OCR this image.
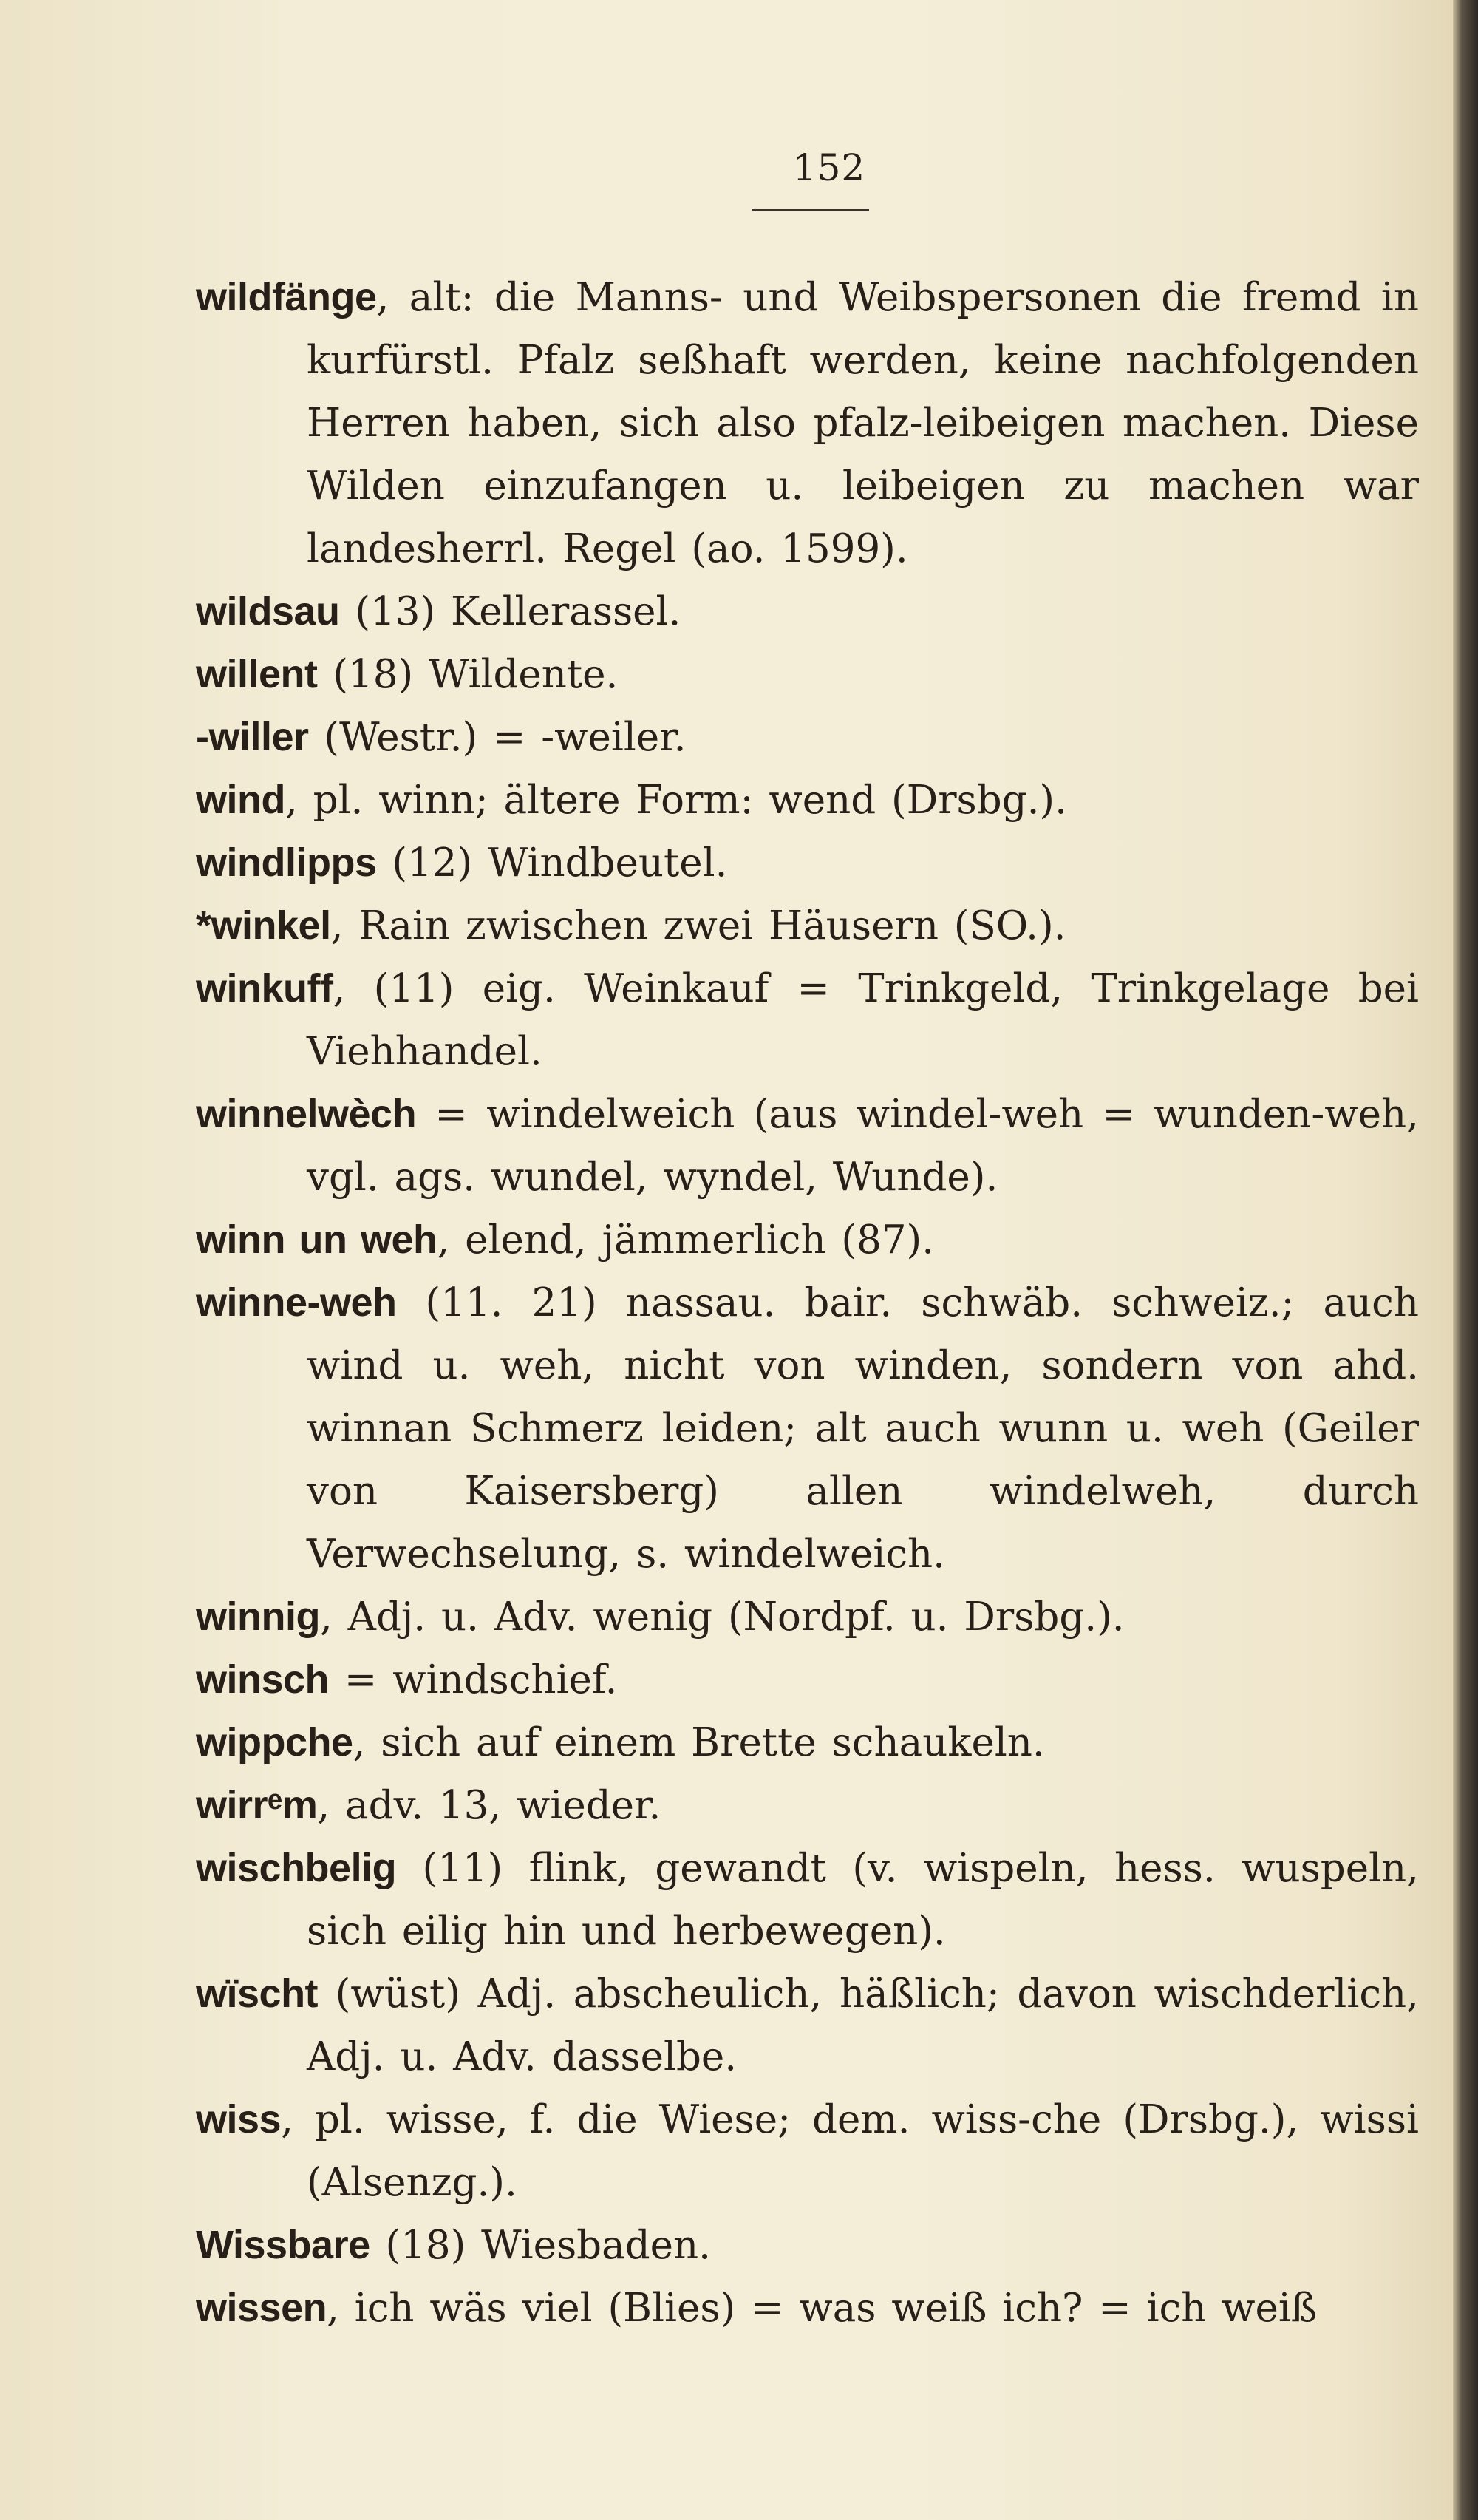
152
wildfänge, alt: die Manns- und Weibspersonen die fremd in kurfürstl. Pfalz seßhaft werden, keine nachfolgenden Herren haben, sich also pfalz-leibeigen machen. Diese Wilden einzufangen u. leibeigen zu machen war landesherrl. Regel (ao. 1599).
wildsau (13) Kellerassel.
willent (18) Wildente.
-willer (Westr.) = -weiler.
wind, pl. winn; ältere Form: wend (Drsbg.).
windlipps (12) Windbeutel.
*winkel, Rain zwischen zwei Häusern (SO.).
winkuff, (11) eig. Weinkauf = Trinkgeld, Trinkgelage bei Viehhandel.
winnelwèch = windelweich (aus windel-weh = wunden-weh, vgl. ags. wundel, wyndel, Wunde).
winn un weh, elend, jämmerlich (87).
winne-weh (11. 21) nassau. bair. schwäb. schweiz.; auch wind u. weh, nicht von winden, sondern von ahd. winnan Schmerz leiden; alt auch wunn u. weh (Geiler von Kaisersberg) allen windelweh, durch Verwechselung, s. windelweich.
winnig, Adj. u. Adv. wenig (Nordpf. u. Drsbg.).
winsch = windschief.
wippche, sich auf einem Brette schaukeln.
wirrᵉm, adv. 13, wieder.
wischbelig (11) flink, gewandt (v. wispeln, hess. wuspeln, sich eilig hin und herbewegen).
wïscht (wüst) Adj. abscheulich, häßlich; davon wischderlich, Adj. u. Adv. dasselbe.
wiss, pl. wisse, f. die Wiese; dem. wiss-che (Drsbg.), wissi (Alsenzg.).
Wissbare (18) Wiesbaden.
wissen, ich wäs viel (Blies) = was weiß ich? = ich weiß
